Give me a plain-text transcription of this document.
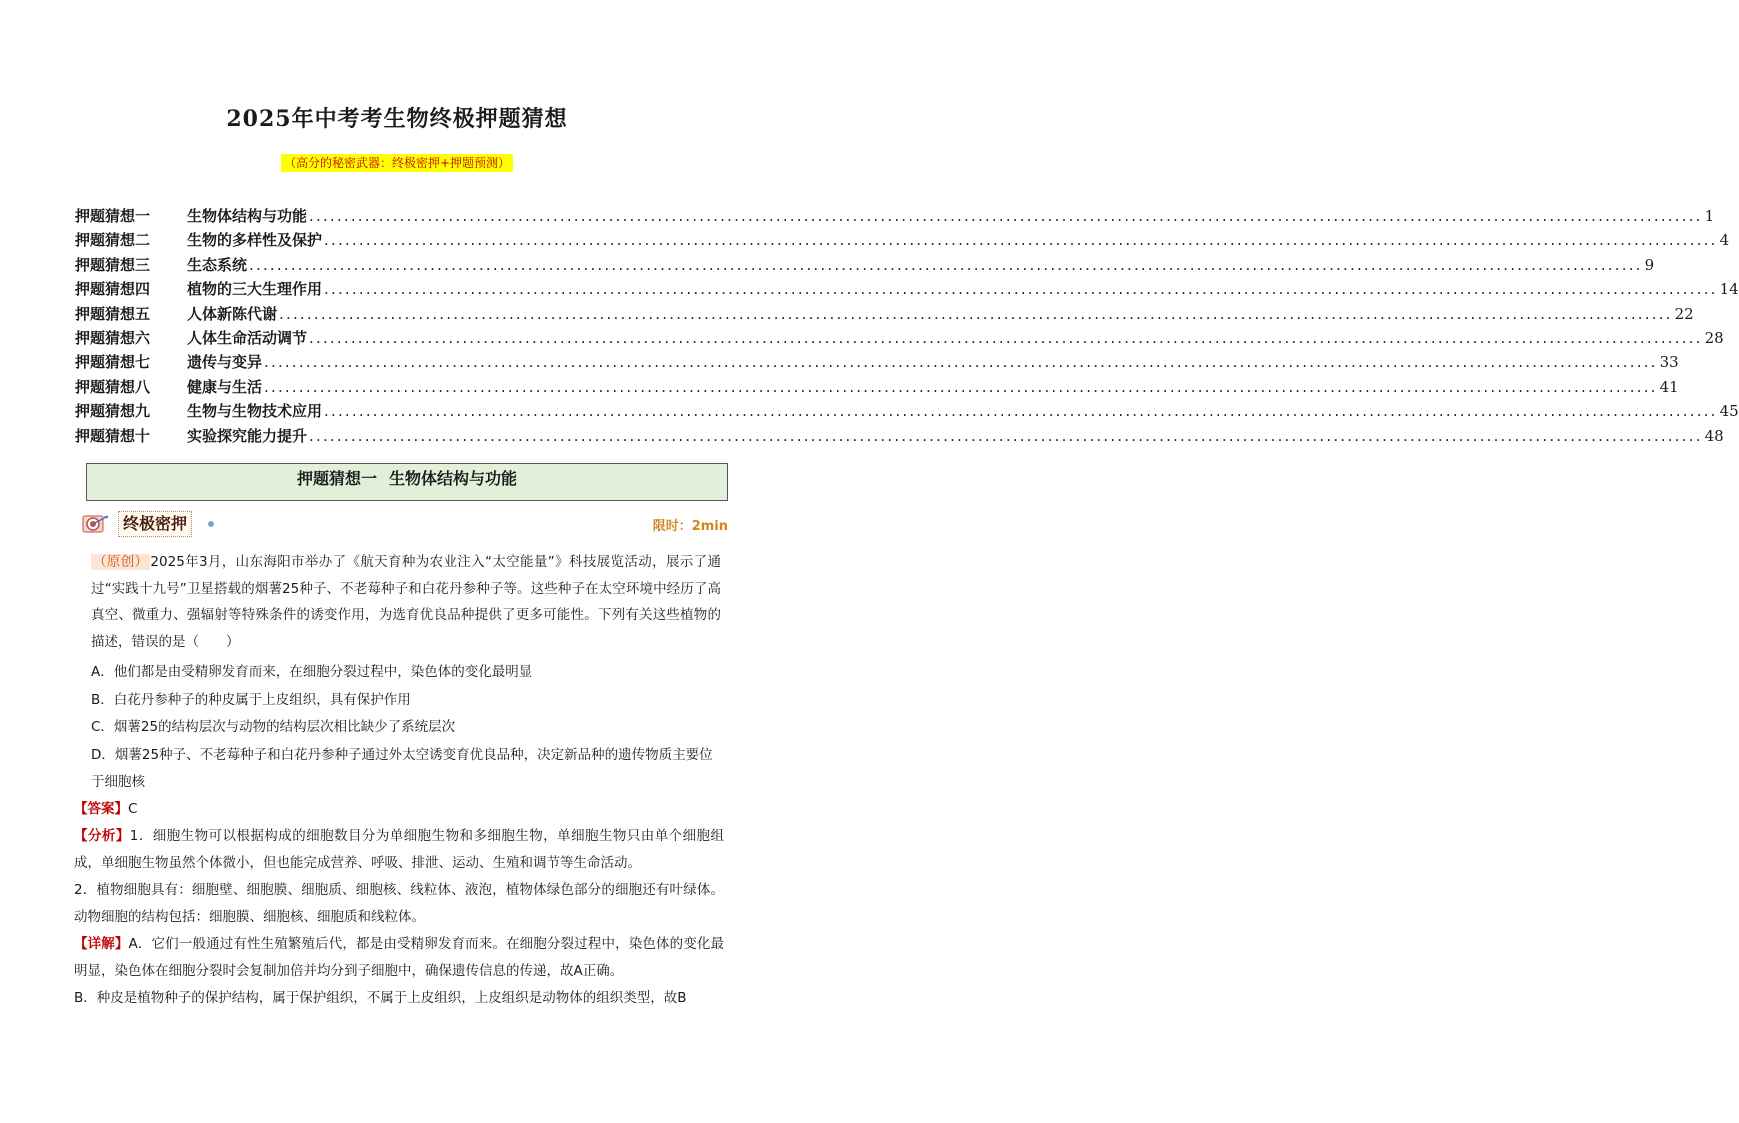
2025年中考考生物终极押题猜想
（高分的秘密武器：终极密押+押题预测）
押题猜想一	生物体结构与功能 ........................................................................................................................................................................................................ 1
押题猜想二	生物的多样性及保护 ........................................................................................................................................................................................................ 4
押题猜想三	生态系统 ........................................................................................................................................................................................................ 9
押题猜想四	植物的三大生理作用 ........................................................................................................................................................................................................ 14
押题猜想五	人体新陈代谢 ........................................................................................................................................................................................................ 22
押题猜想六	人体生命活动调节 ........................................................................................................................................................................................................ 28
押题猜想七	遗传与变异 ........................................................................................................................................................................................................ 33
押题猜想八	健康与生活 ........................................................................................................................................................................................................ 41
押题猜想九	生物与生物技术应用 ........................................................................................................................................................................................................ 45
押题猜想十	实验探究能力提升 ........................................................................................................................................................................................................ 48
押题猜想一 生物体结构与功能
终极密押	限时：2min
（原创） 2025年3月，山东海阳市举办了《航天育种为农业注入“太空能量”》科技展览活动，展示了通过“实践十九号”卫星搭载的烟薯25种子、不老莓种子和白花丹参种子等。这些种子在太空环境中经历了高真空、微重力、强辐射等特殊条件的诱变作用，为选育优良品种提供了更多可能性。下列有关这些植物的描述，错误的是（　　）

A．他们都是由受精卵发育而来，在细胞分裂过程中，染色体的变化最明显

B．白花丹参种子的种皮属于上皮组织，具有保护作用

C．烟薯25的结构层次与动物的结构层次相比缺少了系统层次

D．烟薯25种子、不老莓种子和白花丹参种子通过外太空诱变育优良品种，决定新品种的遗传物质主要位于细胞核

【答案】C
【分析】1．细胞生物可以根据构成的细胞数目分为单细胞生物和多细胞生物，单细胞生物只由单个细胞组成，单细胞生物虽然个体微小，但也能完成营养、呼吸、排泄、运动、生殖和调节等生命活动。
2．植物细胞具有：细胞壁、细胞膜、细胞质、细胞核、线粒体、液泡，植物体绿色部分的细胞还有叶绿体。动物细胞的结构包括：细胞膜、细胞核、细胞质和线粒体。
【详解】A．它们一般通过有性生殖繁殖后代，都是由受精卵发育而来。在细胞分裂过程中，染色体的变化最明显，染色体在细胞分裂时会复制加倍并均分到子细胞中，确保遗传信息的传递，故A正确。
B．种皮是植物种子的保护结构，属于保护组织，不属于上皮组织，上皮组织是动物体的组织类型，故B
